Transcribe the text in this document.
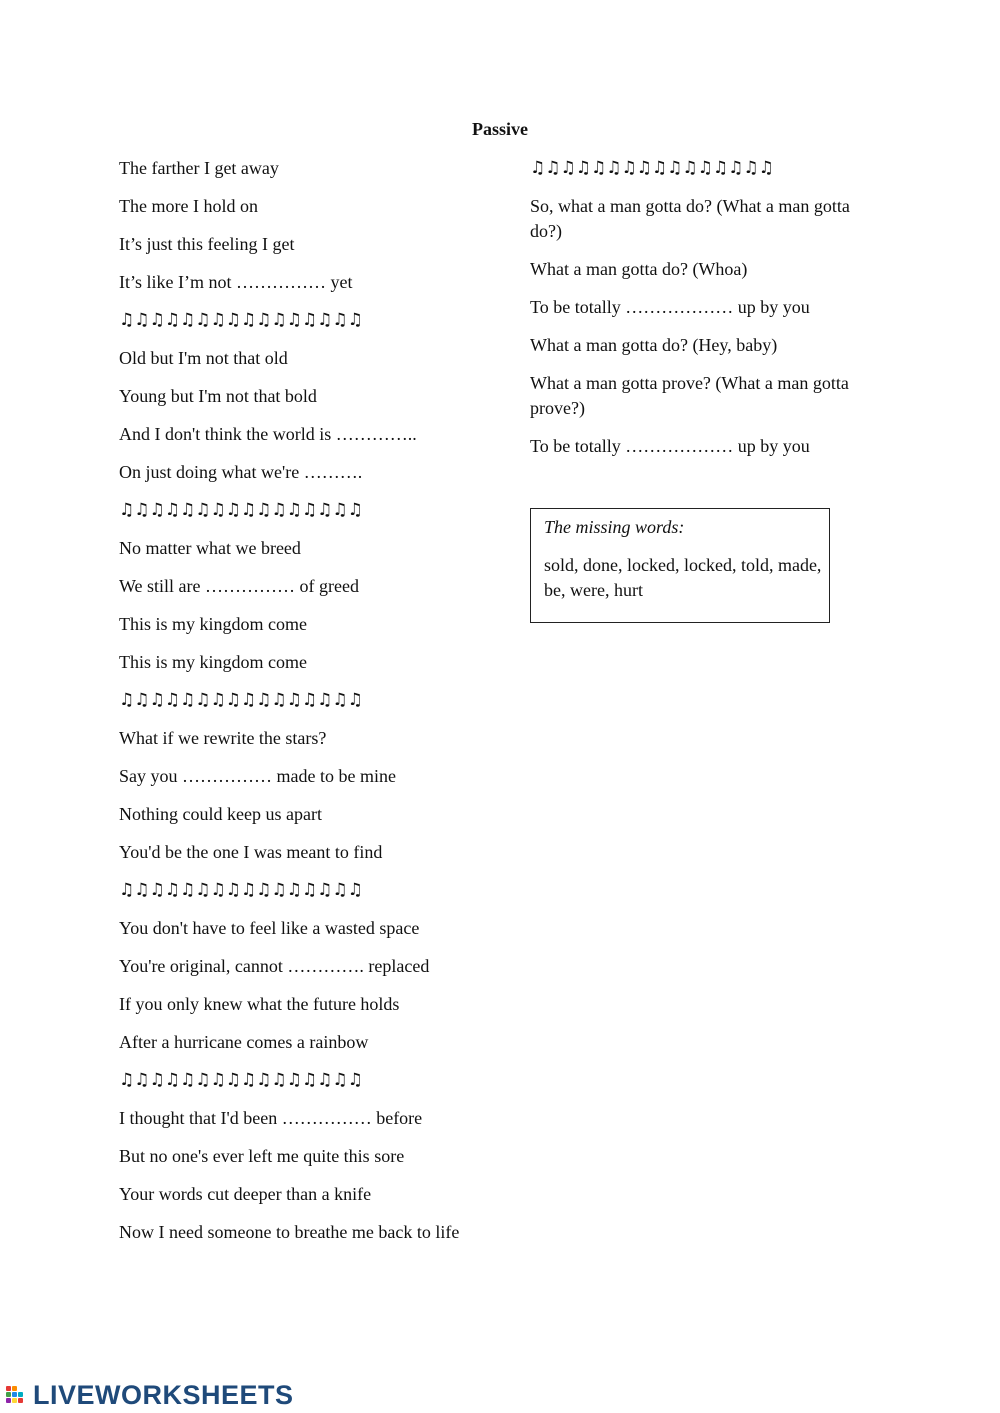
Passive
The farther I get away
The more I hold on
It’s just this feeling I get
It’s like I’m not …………… yet
♫♫♫♫♫♫♫♫♫♫♫♫♫♫♫♫
Old but I'm not that old
Young but I'm not that bold
And I don't think the world is …………..
On just doing what we're ……….
♫♫♫♫♫♫♫♫♫♫♫♫♫♫♫♫
No matter what we breed
We still are …………… of greed
This is my kingdom come
This is my kingdom come
♫♫♫♫♫♫♫♫♫♫♫♫♫♫♫♫
What if we rewrite the stars?
Say you …………… made to be mine
Nothing could keep us apart
You'd be the one I was meant to find
♫♫♫♫♫♫♫♫♫♫♫♫♫♫♫♫
You don't have to feel like a wasted space
You're original, cannot …………. replaced
If you only knew what the future holds
After a hurricane comes a rainbow
♫♫♫♫♫♫♫♫♫♫♫♫♫♫♫♫
I thought that I'd been …………… before
But no one's ever left me quite this sore
Your words cut deeper than a knife
Now I need someone to breathe me back to life
♫♫♫♫♫♫♫♫♫♫♫♫♫♫♫♫
So, what a man gotta do? (What a man gotta do?)
What a man gotta do? (Whoa)
To be totally ……………… up by you
What a man gotta do? (Hey, baby)
What a man gotta prove? (What a man gotta prove?)
To be totally ……………… up by you
The missing words:
sold, done, locked, locked, told, made, be, were, hurt
LIVEWORKSHEETS
